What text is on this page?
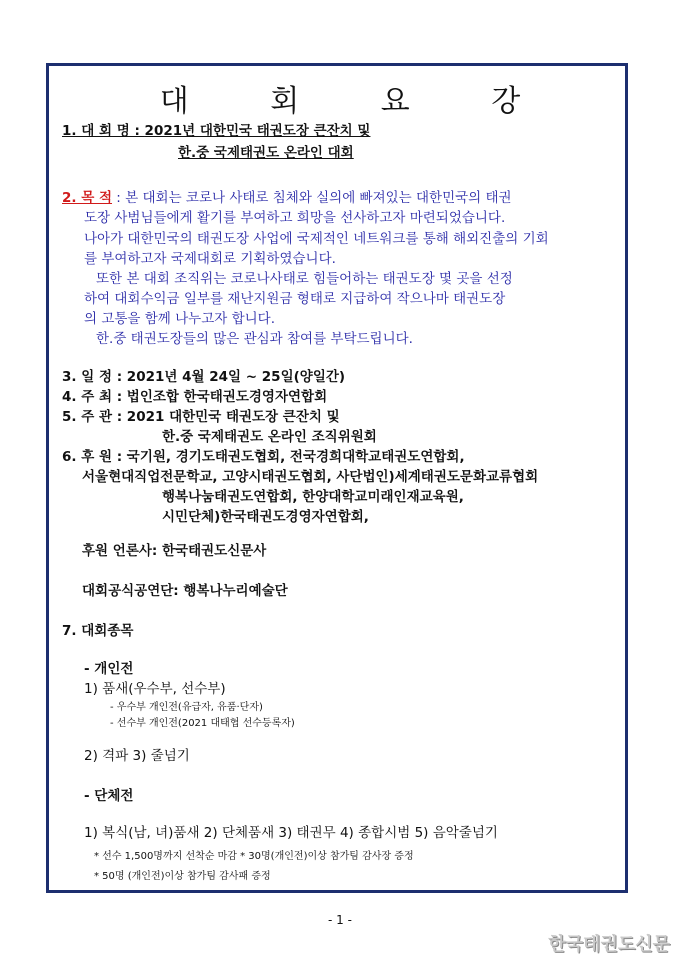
대 회 요 강
1. 대 회 명 : 2021년 대한민국 태권도장 큰잔치 및
한.중 국제태권도 온라인 대회
2. 목 적 : 본 대회는 코로나 사태로 침체와 실의에 빠져있는 대한민국의 태권
도장 사범님들에게 활기를 부여하고 희망을 선사하고자 마련되었습니다.
나아가 대한민국의 태권도장 사업에 국제적인 네트워크를 통해 해외진출의 기회
를 부여하고자 국제대회로 기획하였습니다.
또한 본 대회 조직위는 코로나사태로 힘들어하는 태권도장 몇 곳을 선정
하여 대회수익금 일부를 재난지원금 형태로 지급하여 작으나마 태권도장
의 고통을 함께 나누고자 합니다.
한.중 태권도장들의 많은 관심과 참여를 부탁드립니다.
3. 일 정 : 2021년 4월 24일 ~ 25일(양일간)
4. 주 최 : 법인조합 한국태권도경영자연합회
5. 주 관 : 2021 대한민국 태권도장 큰잔치 및
한.중 국제태권도 온라인 조직위원회
6. 후 원 : 국기원, 경기도태권도협회, 전국경희대학교태권도연합회,
서울현대직업전문학교, 고양시태권도협회, 사단법인)세계태권도문화교류협회
행복나눔태권도연합회, 한양대학교미래인재교육원,
시민단체)한국태권도경영자연합회,
후원 언론사: 한국태권도신문사
대회공식공연단: 행복나누리예술단
7. 대회종목
- 개인전
1) 품새(우수부, 선수부)
- 우수부 개인전(유급자, 유품·단자)
- 선수부 개인전(2021 대태협 선수등록자)
2) 격파 3) 줄넘기
- 단체전
1) 복식(남, 녀)품새 2) 단체품새 3) 태권무 4) 종합시범 5) 음악줄넘기
* 선수 1,500명까지 선착순 마감 * 30명(개인전)이상 참가팀 감사장 증정
* 50명 (개인전)이상 참가팀 감사패 증정
- 1 -
한국태권도신문
